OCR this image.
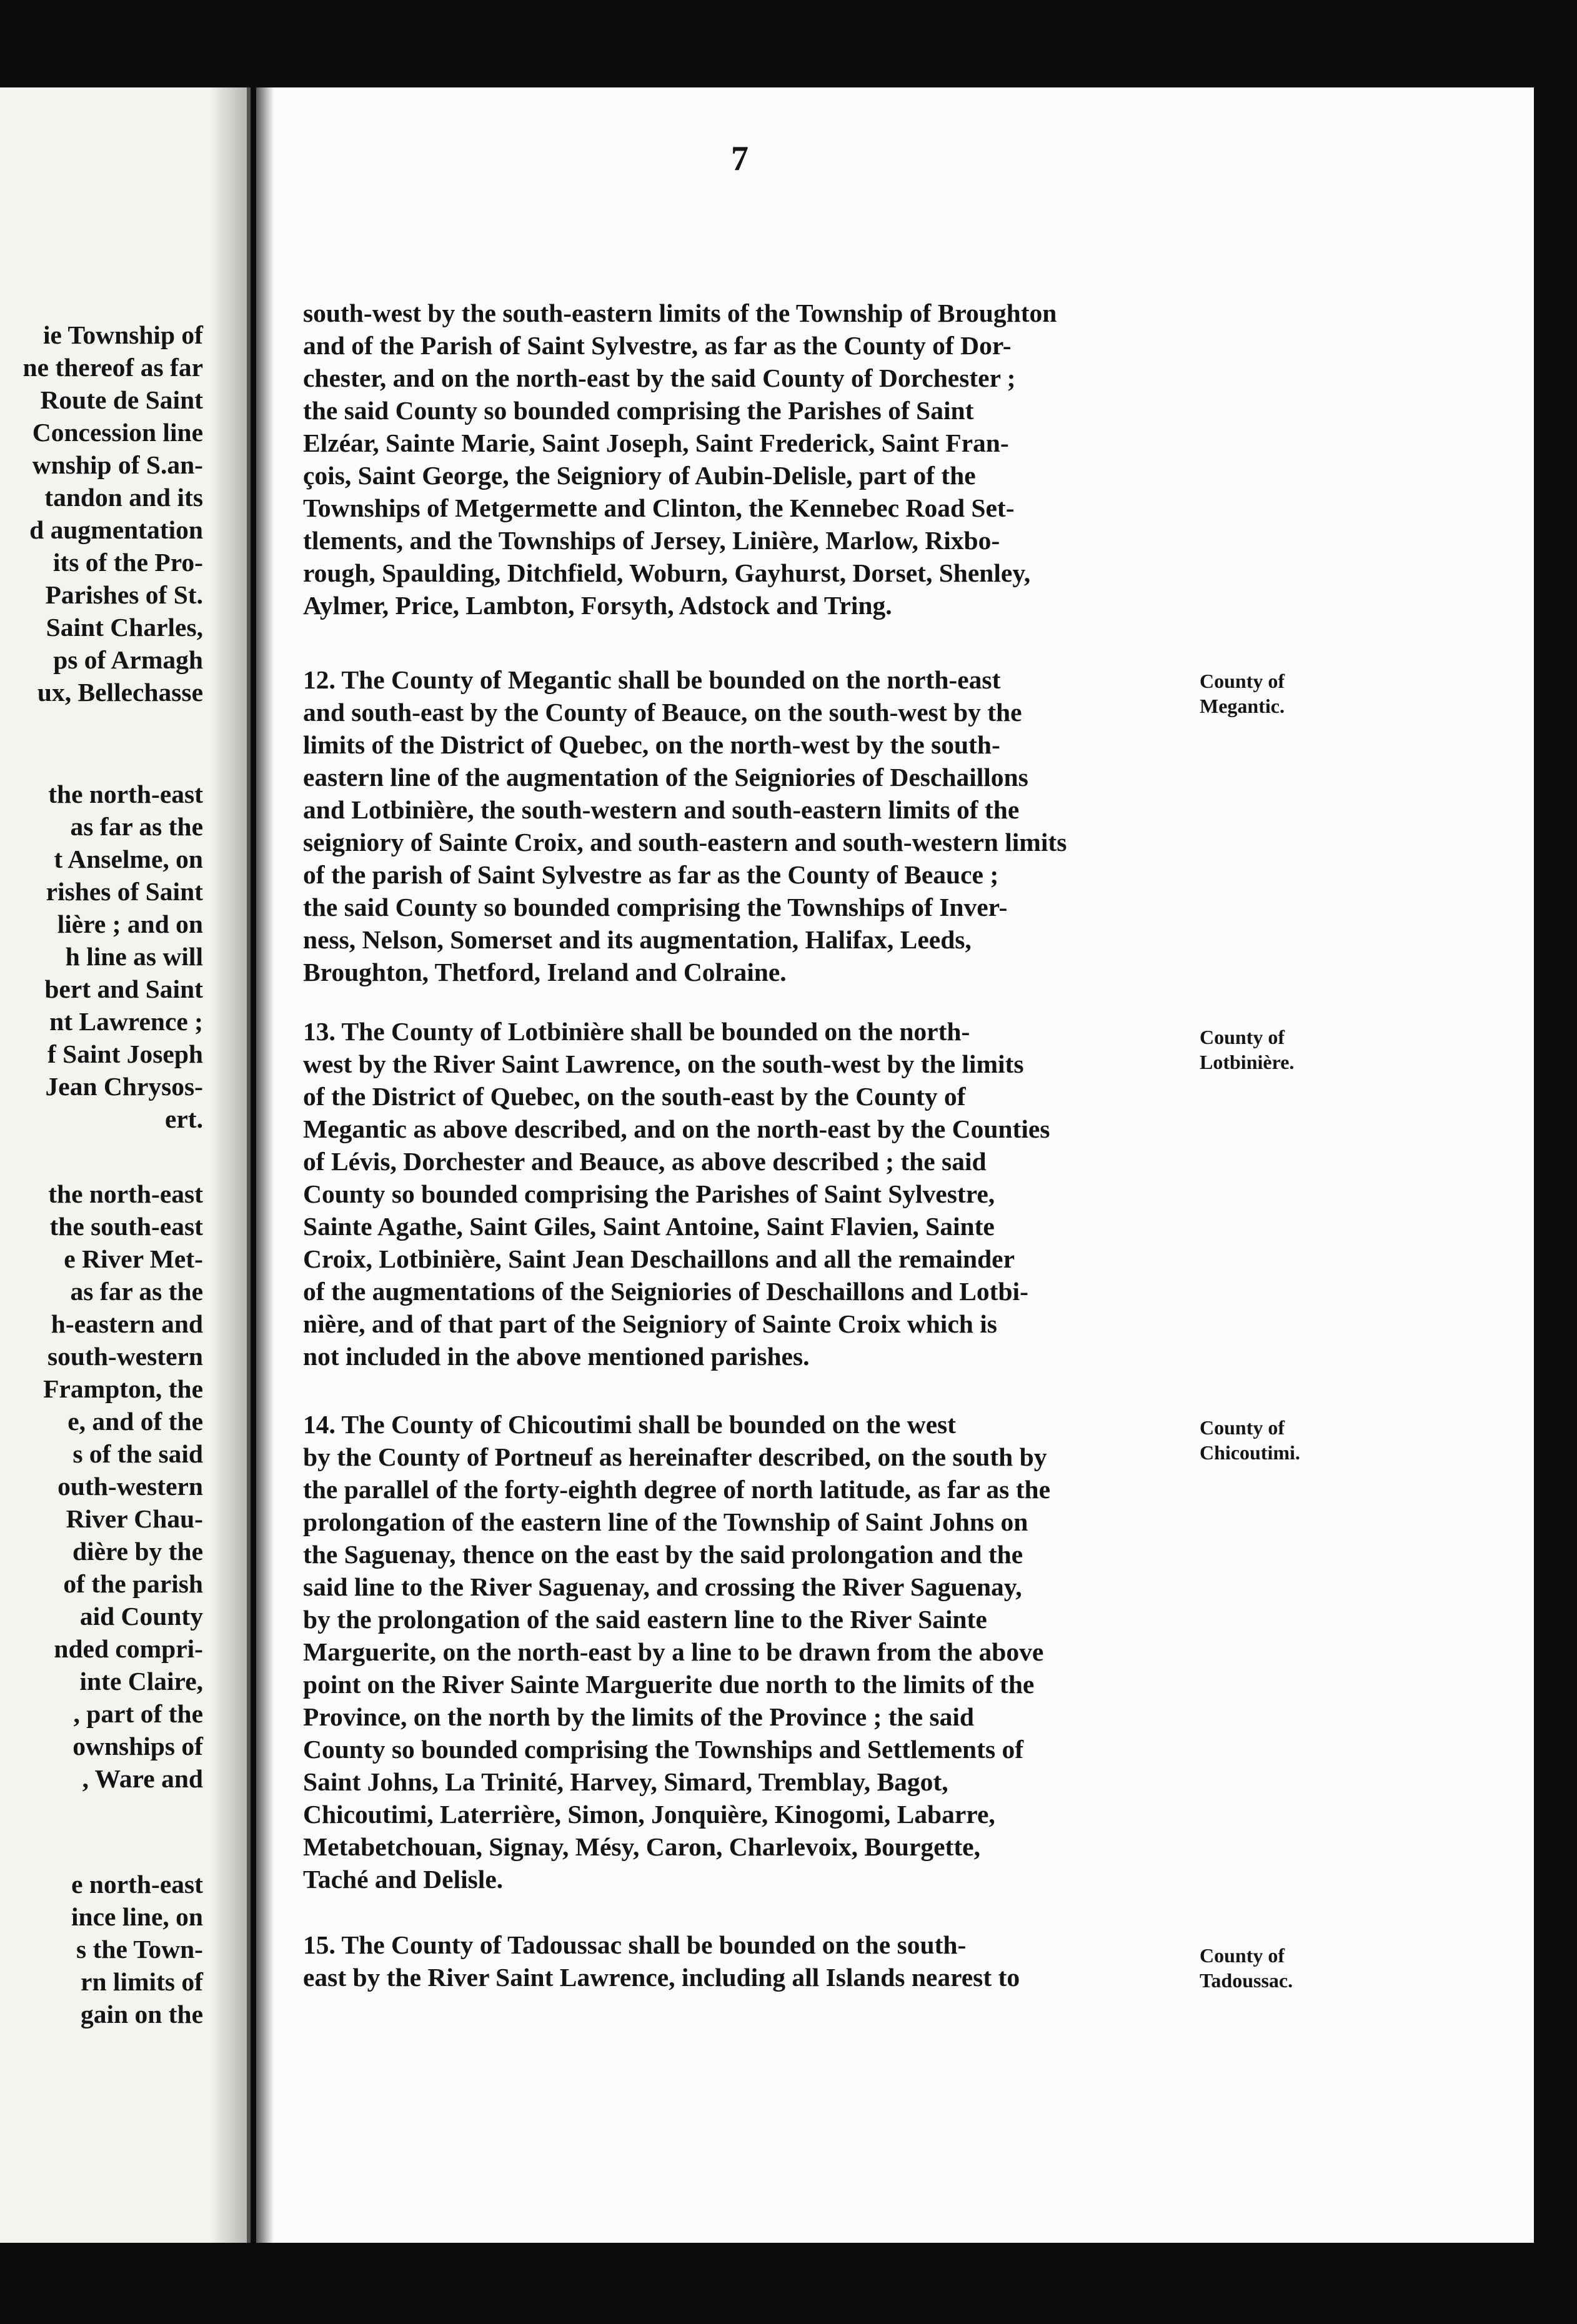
ie Township of
ne thereof as far
Route de Saint
Concession line
wnship of S.an-
tandon and its
d augmentation
its of the Pro-
Parishes of St.
Saint Charles,
ps of Armagh
ux, Bellechasse
the north-east
as far as the
t Anselme, on
rishes of Saint
lière ; and on
h line as will
bert and Saint
nt Lawrence ;
f Saint Joseph
Jean Chrysos-
ert.
the north-east
the south-east
e River Met-
as far as the
h-eastern and
south-western
Frampton, the
e, and of the
s of the said
outh-western
River Chau-
dière by the
of the parish
aid County
nded compri-
inte Claire,
, part of the
ownships of
, Ware and
e north-east
ince line, on
s the Town-
rn limits of
gain on the
7
south-west by the south-eastern limits of the Township of Broughton
and of the Parish of Saint Sylvestre, as far as the County of Dor-
chester, and on the north-east by the said County of Dorchester ;
the said County so bounded comprising the Parishes of Saint
Elzéar, Sainte Marie, Saint Joseph, Saint Frederick, Saint Fran-
çois, Saint George, the Seigniory of Aubin-Delisle, part of the
Townships of Metgermette and Clinton, the Kennebec Road Set-
tlements, and the Townships of Jersey, Linière, Marlow, Rixbo-
rough, Spaulding, Ditchfield, Woburn, Gayhurst, Dorset, Shenley,
Aylmer, Price, Lambton, Forsyth, Adstock and Tring.
12. The County of Megantic shall be bounded on the north-east
and south-east by the County of Beauce, on the south-west by the
limits of the District of Quebec, on the north-west by the south-
eastern line of the augmentation of the Seigniories of Deschaillons
and Lotbinière, the south-western and south-eastern limits of the
seigniory of Sainte Croix, and south-eastern and south-western limits
of the parish of Saint Sylvestre as far as the County of Beauce ;
the said County so bounded comprising the Townships of Inver-
ness, Nelson, Somerset and its augmentation, Halifax, Leeds,
Broughton, Thetford, Ireland and Colraine.
13. The County of Lotbinière shall be bounded on the north-
west by the River Saint Lawrence, on the south-west by the limits
of the District of Quebec, on the south-east by the County of
Megantic as above described, and on the north-east by the Counties
of Lévis, Dorchester and Beauce, as above described ; the said
County so bounded comprising the Parishes of Saint Sylvestre,
Sainte Agathe, Saint Giles, Saint Antoine, Saint Flavien, Sainte
Croix, Lotbinière, Saint Jean Deschaillons and all the remainder
of the augmentations of the Seigniories of Deschaillons and Lotbi-
nière, and of that part of the Seigniory of Sainte Croix which is
not included in the above mentioned parishes.
14. The County of Chicoutimi shall be bounded on the west
by the County of Portneuf as hereinafter described, on the south by
the parallel of the forty-eighth degree of north latitude, as far as the
prolongation of the eastern line of the Township of Saint Johns on
the Saguenay, thence on the east by the said prolongation and the
said line to the River Saguenay, and crossing the River Saguenay,
by the prolongation of the said eastern line to the River Sainte
Marguerite, on the north-east by a line to be drawn from the above
point on the River Sainte Marguerite due north to the limits of the
Province, on the north by the limits of the Province ; the said
County so bounded comprising the Townships and Settlements of
Saint Johns, La Trinité, Harvey, Simard, Tremblay, Bagot,
Chicoutimi, Laterrière, Simon, Jonquière, Kinogomi, Labarre,
Metabetchouan, Signay, Mésy, Caron, Charlevoix, Bourgette,
Taché and Delisle.
15. The County of Tadoussac shall be bounded on the south-
east by the River Saint Lawrence, including all Islands nearest to
County of
Megantic.
County of
Lotbinière.
County of
Chicoutimi.
County of
Tadoussac.
